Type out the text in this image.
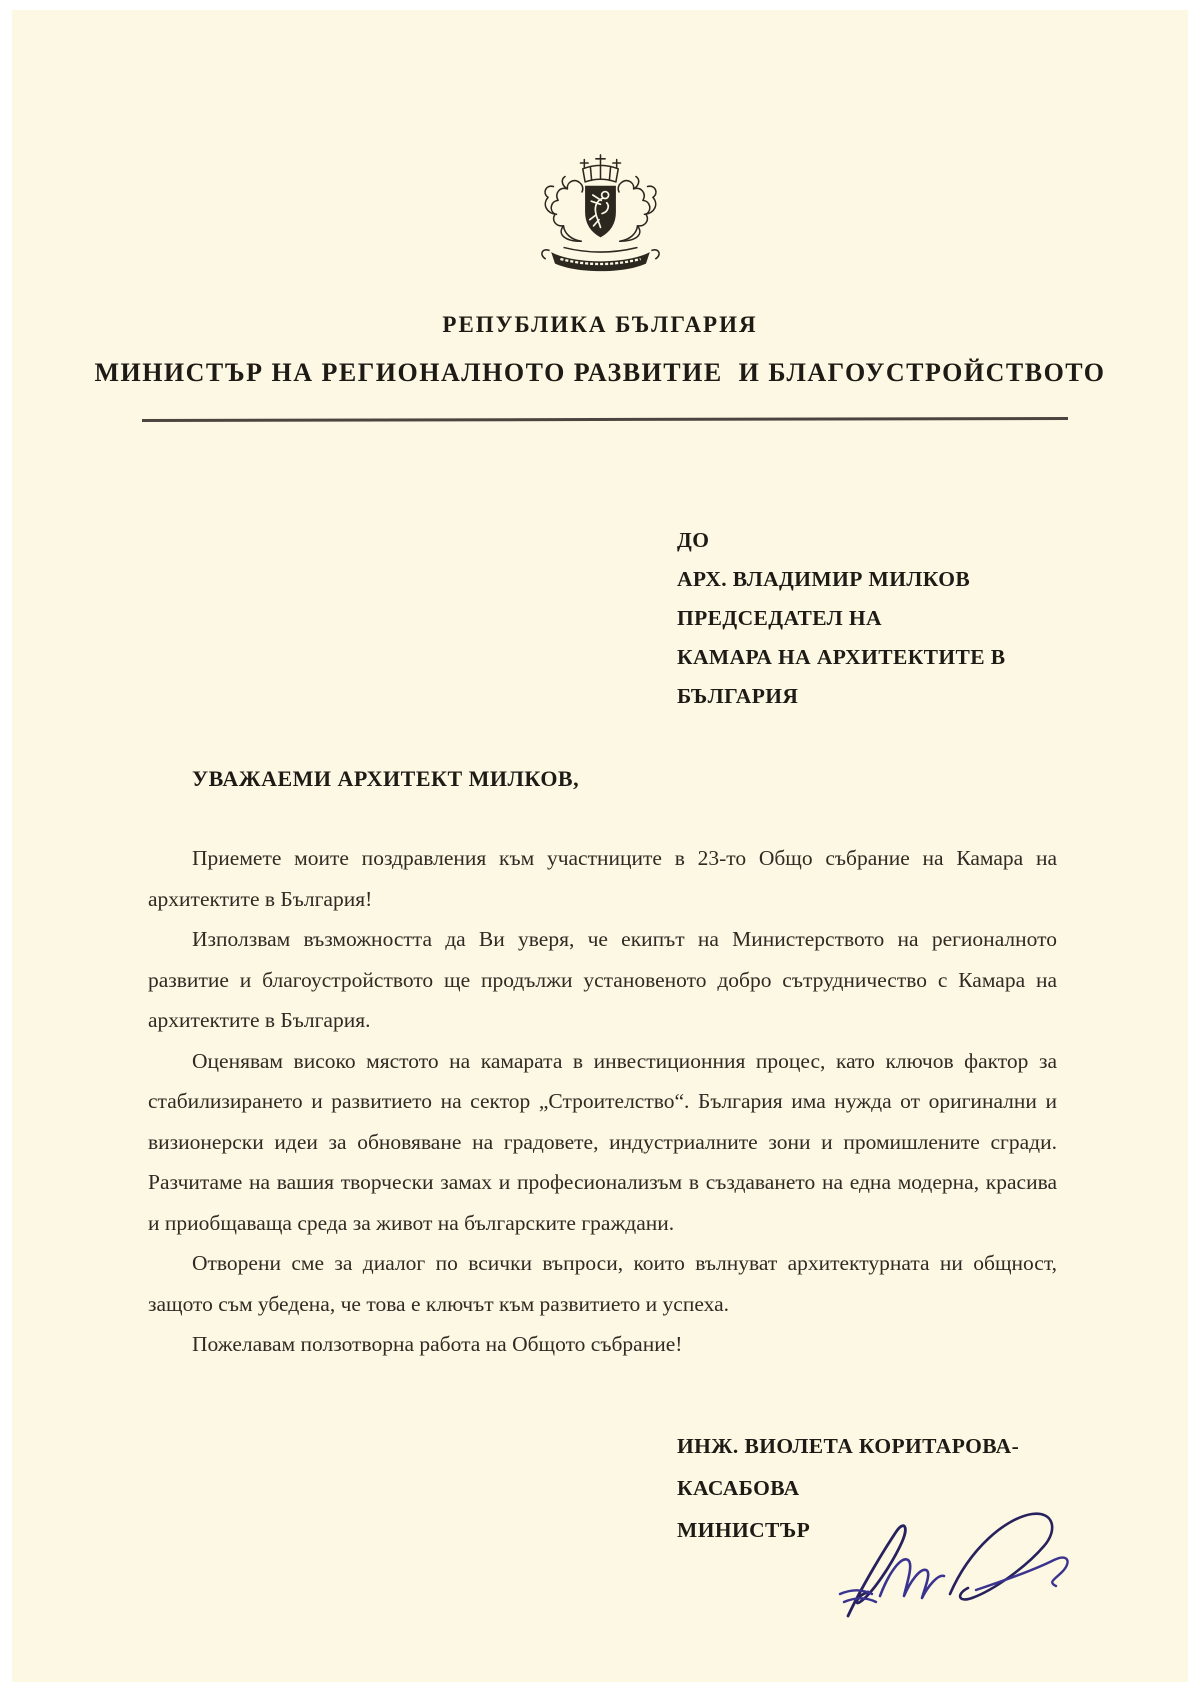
РЕПУБЛИКА БЪЛГАРИЯ
МИНИСТЪР НА РЕГИОНАЛНОТО РАЗВИТИЕ  И БЛАГОУСТРОЙСТВОТО
ДО
АРХ. ВЛАДИМИР МИЛКОВ
ПРЕДСЕДАТЕЛ НА
КАМАРА НА АРХИТЕКТИТЕ В
БЪЛГАРИЯ
УВАЖАЕМИ АРХИТЕКТ МИЛКОВ,

Приемете моите поздравления към участниците в 23-то Общо събрание на Камара на архитектите в България!

Използвам възможността да Ви уверя, че екипът на Министерството на регионалното развитие и благоустройството ще продължи установеното добро сътрудничество с Камара на архитектите в България.

Оценявам високо мястото на камарата в инвестиционния процес, като ключов фактор за стабилизирането и развитието на сектор „Строителство“. България има нужда от оригинални и визионерски идеи за обновяване на градовете, индустриалните зони и промишлените сгради. Разчитаме на вашия творчески замах и професионализъм в създаването на една модерна, красива и приобщаваща среда за живот на българските граждани.

Отворени сме за диалог по всички въпроси, които вълнуват архитектурната ни общност, защото съм убедена, че това е ключът към развитието и успеха.

Пожелавам ползотворна работа на Общото събрание!

ИНЖ. ВИОЛЕТА КОРИТАРОВА-
КАСАБОВА
МИНИСТЪР
